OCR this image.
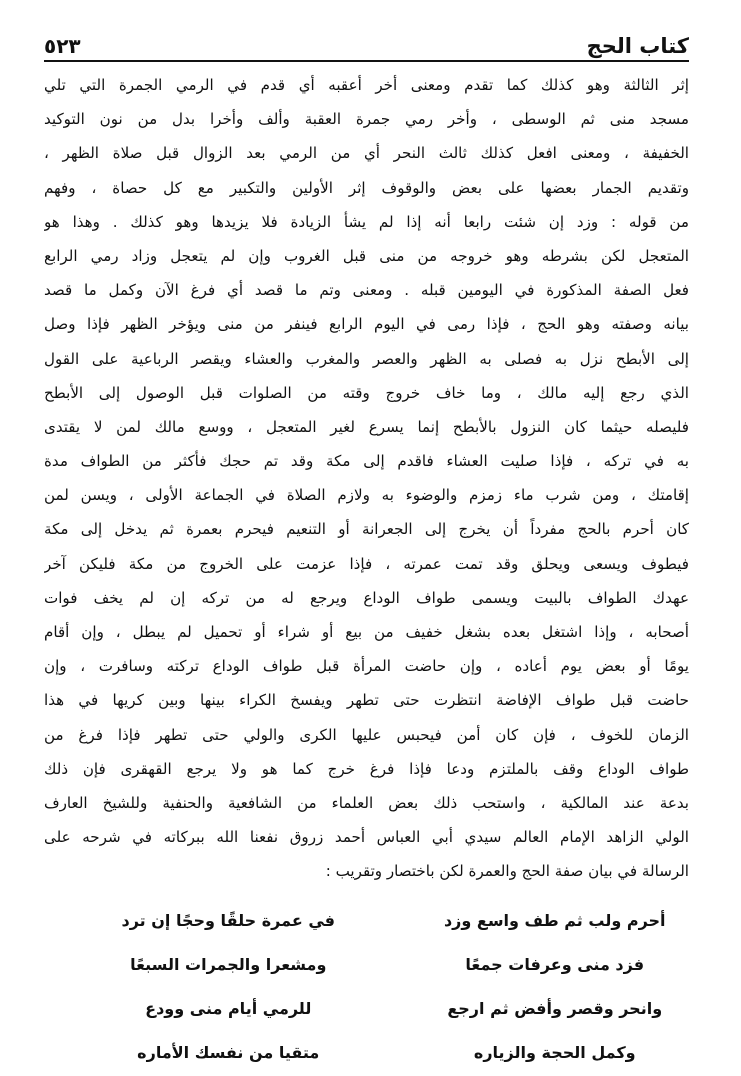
كتاب الحج
٥٢٣
إثر الثالثة وهو كذلك كما تقدم ومعنى أخر أعقبه أي قدم في الرمي الجمرة التي تلي
مسجد منى ثم الوسطى ، وأخر رمي جمرة العقبة وألف وأخرا بدل من نون التوكيد
الخفيفة ، ومعنى افعل كذلك ثالث النحر أي من الرمي بعد الزوال قبل صلاة الظهر ،
وتقديم الجمار بعضها على بعض والوقوف إثر الأولين والتكبير مع كل حصاة ، وفهم
من قوله : وزد إن شئت رابعا أنه إذا لم يشأ الزيادة فلا يزيدها وهو كذلك . وهذا هو
المتعجل لكن بشرطه وهو خروجه من منى قبل الغروب وإن لم يتعجل وزاد رمي الرابع
فعل الصفة المذكورة في اليومين قبله . ومعنى وتم ما قصد أي فرغ الآن وكمل ما قصد
بيانه وصفته وهو الحج ، فإذا رمى في اليوم الرابع فينفر من منى ويؤخر الظهر فإذا وصل
إلى الأبطح نزل به فصلى به الظهر والعصر والمغرب والعشاء ويقصر الرباعية على القول
الذي رجع إليه مالك ، وما خاف خروج وقته من الصلوات قبل الوصول إلى الأبطح
فليصله حيثما كان النزول بالأبطح إنما يسرع لغير المتعجل ، ووسع مالك لمن لا يقتدى
به في تركه ، فإذا صليت العشاء فاقدم إلى مكة وقد تم حجك فأكثر من الطواف مدة
إقامتك ، ومن شرب ماء زمزم والوضوء به ولازم الصلاة في الجماعة الأولى ، ويسن لمن
كان أحرم بالحج مفرداً أن يخرج إلى الجعرانة أو التنعيم فيحرم بعمرة ثم يدخل إلى مكة
فيطوف ويسعى ويحلق وقد تمت عمرته ، فإذا عزمت على الخروج من مكة فليكن آخر
عهدك الطواف بالبيت ويسمى طواف الوداع ويرجع له من تركه إن لم يخف فوات
أصحابه ، وإذا اشتغل بعده بشغل خفيف من بيع أو شراء أو تحميل لم يبطل ، وإن أقام
يومًا أو بعض يوم أعاده ، وإن حاضت المرأة قبل طواف الوداع تركته وسافرت ، وإن
حاضت قبل طواف الإفاضة انتظرت حتى تطهر ويفسخ الكراء بينها وبين كريها في هذا
الزمان للخوف ، فإن كان أمن فيحبس عليها الكرى والولي حتى تطهر فإذا فرغ من
طواف الوداع وقف بالملتزم ودعا فإذا فرغ خرج كما هو ولا يرجع القهقرى فإن ذلك
بدعة عند المالكية ، واستحب ذلك بعض العلماء من الشافعية والحنفية وللشيخ العارف
الولي الزاهد الإمام العالم سيدي أبي العباس أحمد زروق نفعنا الله ببركاته في شرحه على
الرسالة في بيان صفة الحج والعمرة لكن باختصار وتقريب :
أحرم ولب ثم طف واسع وزد
في عمرة حلقًا وحجًا إن ترد
فزد منى وعرفات جمعًا
ومشعرا والجمرات السبعًا
وانحر وقصر وأفض ثم ارجع
للرمي أيام منى وودع
وكمل الحجة والزياره
متقيا من نفسك الأماره
